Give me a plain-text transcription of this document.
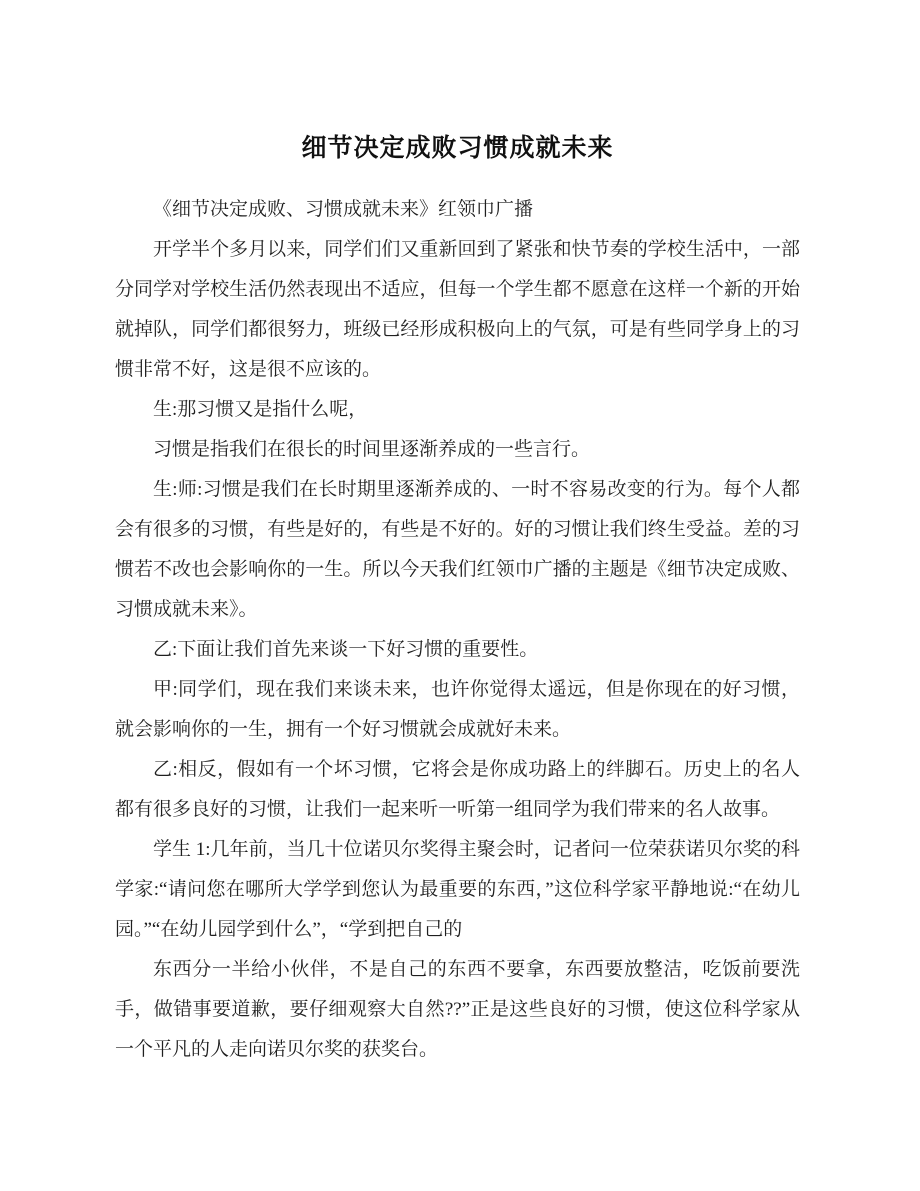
细节决定成败习惯成就未来

《细节决定成败、习惯成就未来》红领巾广播

开学半个多月以来，同学们们又重新回到了紧张和快节奏的学校生活中，一部分同学对学校生活仍然表现出不适应，但每一个学生都不愿意在这样一个新的开始就掉队，同学们都很努力，班级已经形成积极向上的气氛，可是有些同学身上的习惯非常不好，这是很不应该的。

生:那习惯又是指什么呢，

习惯是指我们在很长的时间里逐渐养成的一些言行。

生:师:习惯是我们在长时期里逐渐养成的、一时不容易改变的行为。每个人都会有很多的习惯，有些是好的，有些是不好的。好的习惯让我们终生受益。差的习惯若不改也会影响你的一生。所以今天我们红领巾广播的主题是《细节决定成败、习惯成就未来》。

乙:下面让我们首先来谈一下好习惯的重要性。

甲:同学们，现在我们来谈未来，也许你觉得太遥远，但是你现在的好习惯，就会影响你的一生，拥有一个好习惯就会成就好未来。

乙:相反，假如有一个坏习惯，它将会是你成功路上的绊脚石。历史上的名人都有很多良好的习惯，让我们一起来听一听第一组同学为我们带来的名人故事。

学生 1:几年前，当几十位诺贝尔奖得主聚会时，记者问一位荣获诺贝尔奖的科学家:“请问您在哪所大学学到您认为最重要的东西，”这位科学家平静地说:“在幼儿园。”“在幼儿园学到什么”，“学到把自己的

东西分一半给小伙伴，不是自己的东西不要拿，东西要放整洁，吃饭前要洗手，做错事要道歉，要仔细观察大自然??”正是这些良好的习惯，使这位科学家从一个平凡的人走向诺贝尔奖的获奖台。
